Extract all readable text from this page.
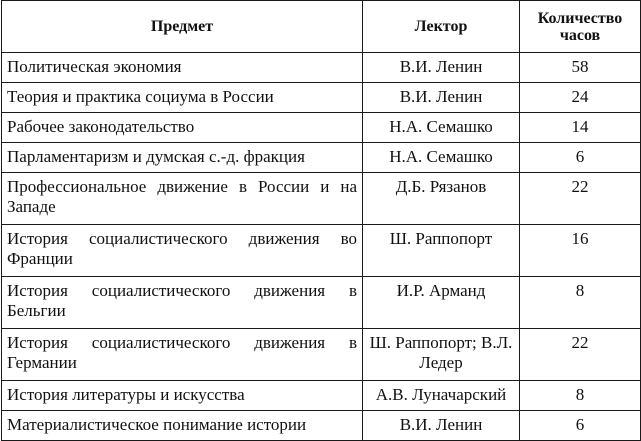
Предмет	Лектор	Количество часов
Политическая экономия	В.И. Ленин	58
Теория и практика социума в России	В.И. Ленин	24
Рабочее законодательство	Н.А. Семашко	14
Парламентаризм и думская с.-д. фракция	Н.А. Семашко	6
Профессиональное движение в России и на Западе	Д.Б. Рязанов	22
История социалистического движения во Франции	Ш. Раппопорт	16
История социалистического движения в Бельгии	И.Р. Арманд	8
История социалистического движения в Германии	Ш. Раппопорт; В.Л. Ледер	22
История литературы и искусства	А.В. Луначарский	8
Материалистическое понимание истории	В.И. Ленин	6
